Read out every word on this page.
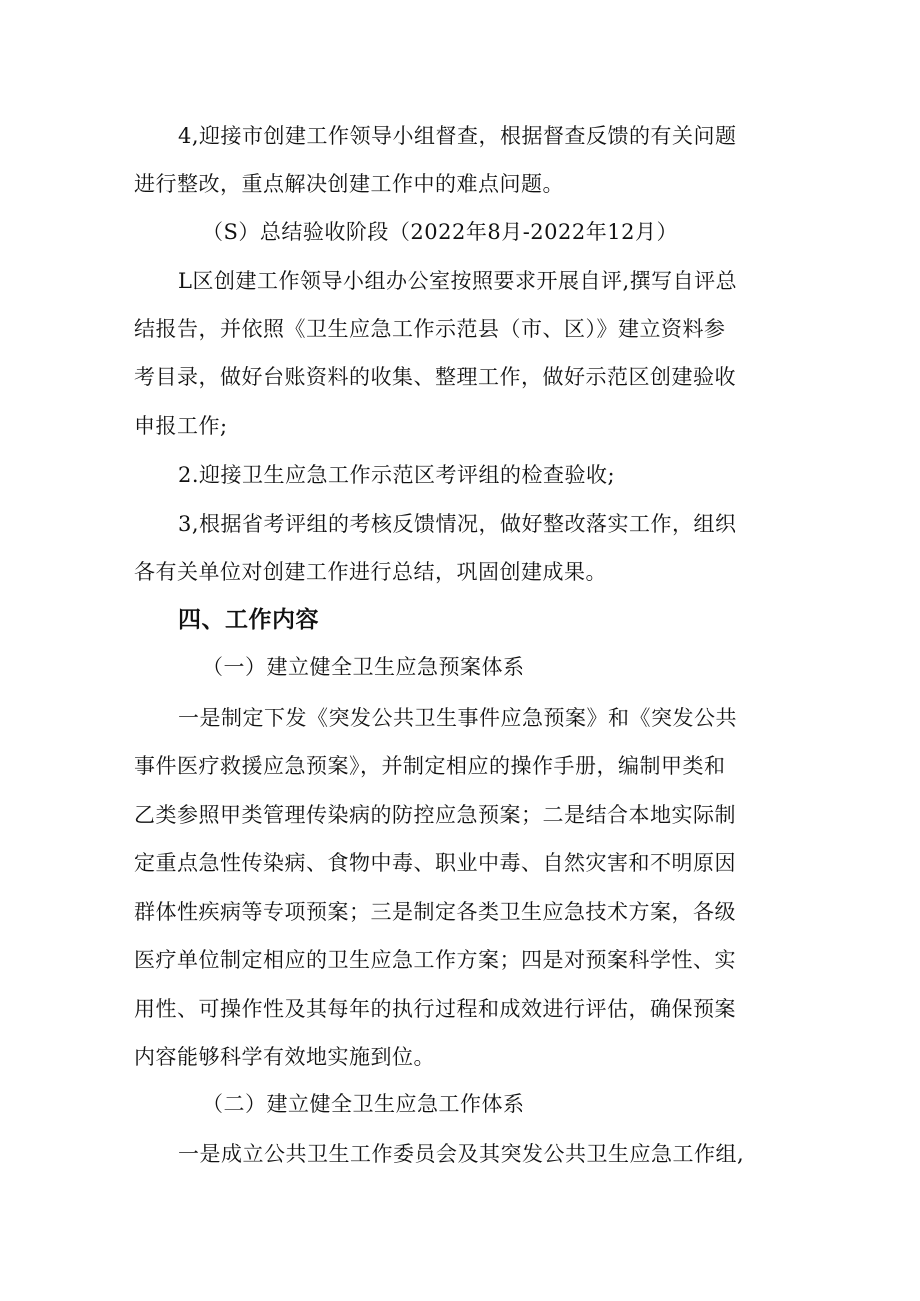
4,迎接市创建工作领导小组督查，根据督查反馈的有关问题
进行整改，重点解决创建工作中的难点问题。
（S）总结验收阶段（2022年8月-2022年12月）
L区创建工作领导小组办公室按照要求开展自评,撰写自评总
结报告，并依照《卫生应急工作示范县（市、区）》建立资料参
考目录，做好台账资料的收集、整理工作，做好示范区创建验收
申报工作;
2.迎接卫生应急工作示范区考评组的检查验收;
3,根据省考评组的考核反馈情况，做好整改落实工作，组织
各有关单位对创建工作进行总结，巩固创建成果。
四、工作内容
（一）建立健全卫生应急预案体系
一是制定下发《突发公共卫生事件应急预案》和《突发公共
事件医疗救援应急预案》，并制定相应的操作手册，编制甲类和
乙类参照甲类管理传染病的防控应急预案；二是结合本地实际制
定重点急性传染病、食物中毒、职业中毒、自然灾害和不明原因
群体性疾病等专项预案；三是制定各类卫生应急技术方案，各级
医疗单位制定相应的卫生应急工作方案；四是对预案科学性、实
用性、可操作性及其每年的执行过程和成效进行评估，确保预案
内容能够科学有效地实施到位。
（二）建立健全卫生应急工作体系
一是成立公共卫生工作委员会及其突发公共卫生应急工作组,
